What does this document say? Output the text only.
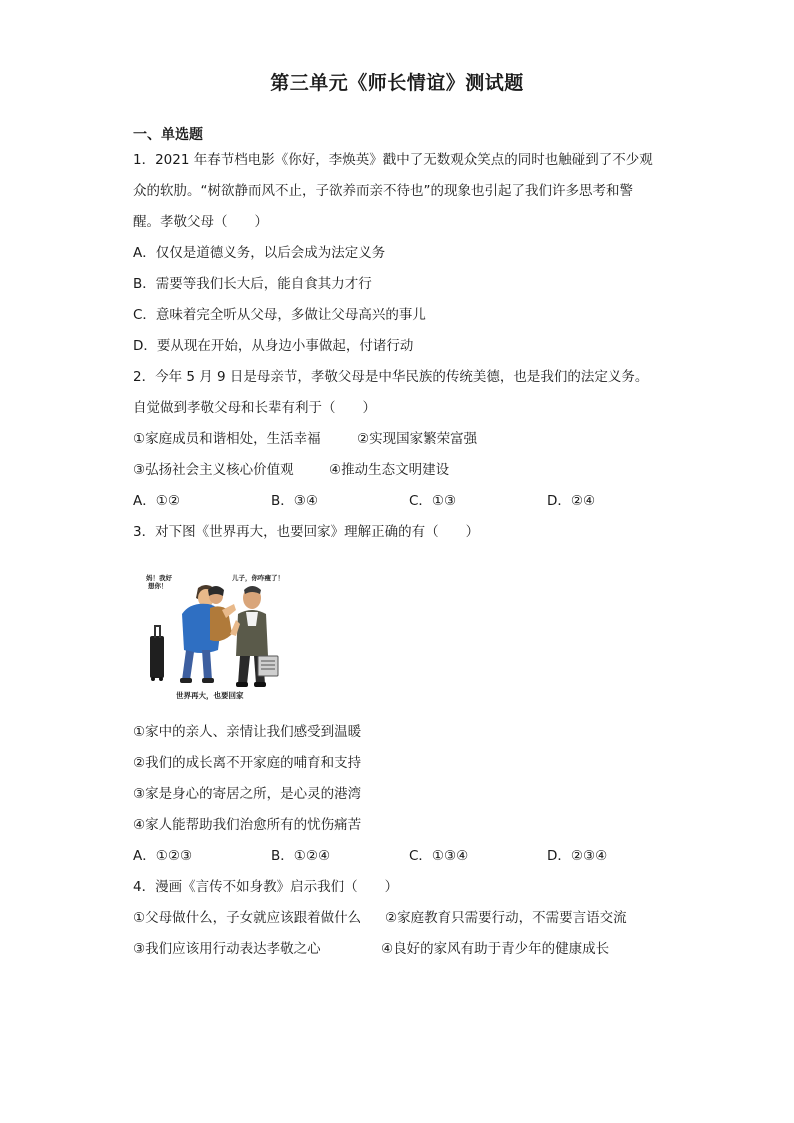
第三单元《师长情谊》测试题
一、单选题
1．2021 年春节档电影《你好，李焕英》戳中了无数观众笑点的同时也触碰到了不少观
众的软肋。“树欲静而风不止，子欲养而亲不待也”的现象也引起了我们许多思考和警
醒。孝敬父母（　　）
A．仅仅是道德义务，以后会成为法定义务
B．需要等我们长大后，能自食其力才行
C．意味着完全听从父母，多做让父母高兴的事儿
D．要从现在开始，从身边小事做起，付诸行动
2．今年 5 月 9 日是母亲节，孝敬父母是中华民族的传统美德，也是我们的法定义务。
自觉做到孝敬父母和长辈有利于（　　）
①家庭成员和谐相处，生活幸福	②实现国家繁荣富强
③弘扬社会主义核心价值观	④推动生态文明建设
A．①②	B．③④	C．①③	D．②④
3．对下图《世界再大，也要回家》理解正确的有（　　）
妈！我好
想你！
儿子，你咋瘦了！
世界再大，也要回家
①家中的亲人、亲情让我们感受到温暖
②我们的成长离不开家庭的哺育和支持
③家是身心的寄居之所，是心灵的港湾
④家人能帮助我们治愈所有的忧伤痛苦
A．①②③	B．①②④	C．①③④	D．②③④
4．漫画《言传不如身教》启示我们（　　）
①父母做什么，子女就应该跟着做什么 ②家庭教育只需要行动，不需要言语交流
③我们应该用行动表达孝敬之心	④良好的家风有助于青少年的健康成长
